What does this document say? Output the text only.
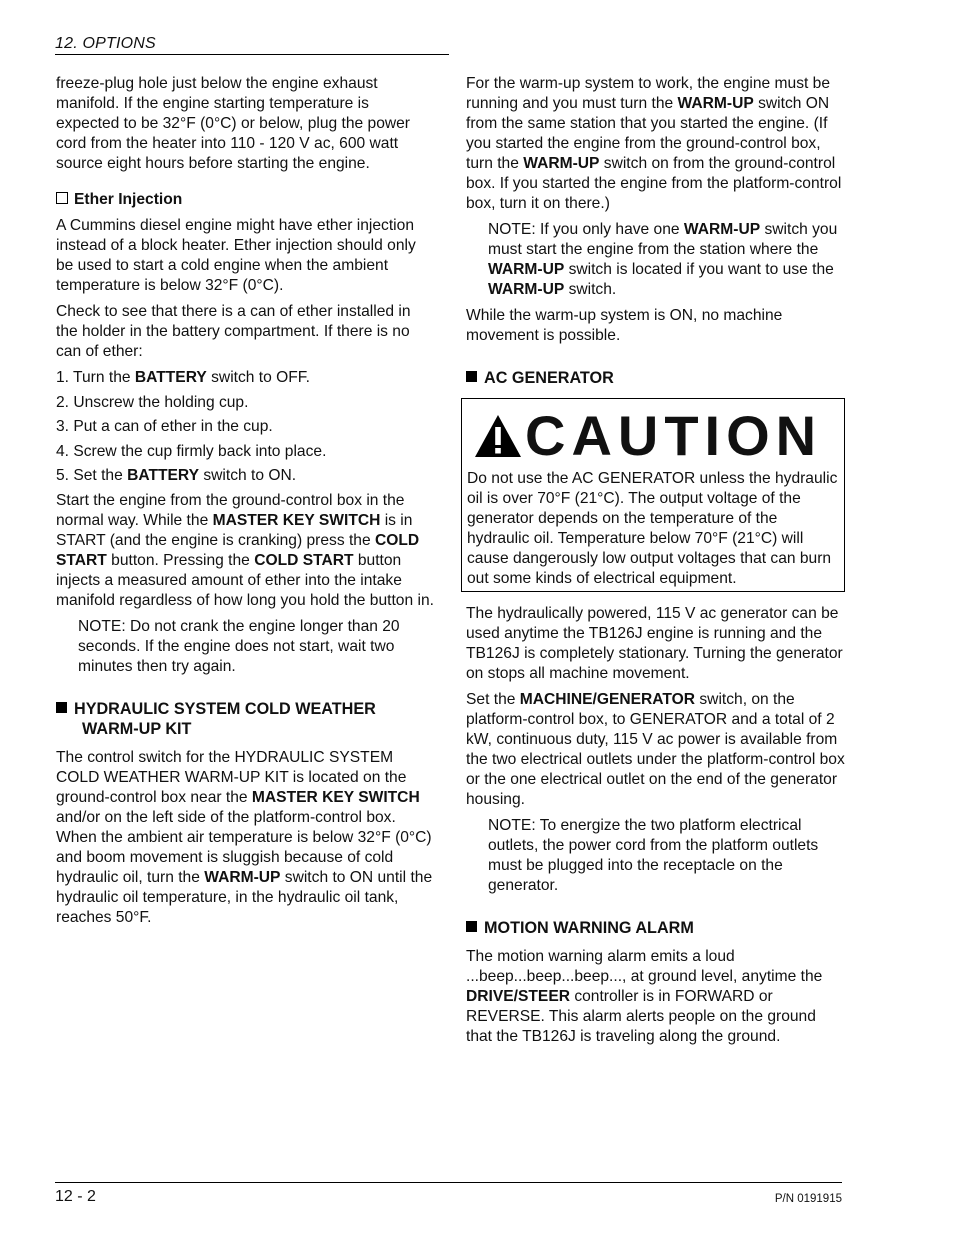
12. OPTIONS

freeze-plug hole just below the engine exhaust manifold. If the engine starting temperature is expected to be 32°F (0°C) or below, plug the power cord from the heater into 110 - 120 V ac, 600 watt source eight hours before starting the engine.

Ether Injection

A Cummins diesel engine might have ether injection instead of a block heater. Ether injection should only be used to start a cold engine when the ambient temperature is below 32°F (0°C).

Check to see that there is a can of ether installed in the holder in the battery compartment. If there is no can of ether:

1. Turn the BATTERY switch to OFF.
2. Unscrew the holding cup.
3. Put a can of ether in the cup.
4. Screw the cup firmly back into place.
5. Set the BATTERY switch to ON.

Start the engine from the ground-control box in the normal way. While the MASTER KEY SWITCH is in START (and the engine is cranking) press the COLD START button. Pressing the COLD START button injects a measured amount of ether into the intake manifold regardless of how long you hold the button in.

NOTE: Do not crank the engine longer than 20 seconds. If the engine does not start, wait two minutes then try again.

HYDRAULIC SYSTEM COLD WEATHER
WARM-UP KIT

The control switch for the HYDRAULIC SYSTEM COLD WEATHER WARM-UP KIT is located on the ground-control box near the MASTER KEY SWITCH and/or on the left side of the platform-control box. When the ambient air temperature is below 32°F (0°C) and boom movement is sluggish because of cold hydraulic oil, turn the WARM-UP switch to ON until the hydraulic oil temperature, in the hydraulic oil tank, reaches 50°F.

For the warm-up system to work, the engine must be running and you must turn the WARM-UP switch ON from the same station that you started the engine. (If you started the engine from the ground-control box, turn the WARM-UP switch on from the ground-control box. If you started the engine from the platform-control box, turn it on there.)

NOTE: If you only have one WARM-UP switch you must start the engine from the station where the WARM-UP switch is located if you want to use the WARM-UP switch.

While the warm-up system is ON, no machine movement is possible.

AC GENERATOR
CAUTION
Do not use the AC GENERATOR unless the hydraulic oil is over 70°F (21°C). The output voltage of the generator depends on the temperature of the hydraulic oil. Temperature below 70°F (21°C) will cause dangerously low output voltages that can burn out some kinds of electrical equipment.

The hydraulically powered, 115 V ac generator can be used anytime the TB126J engine is running and the TB126J is completely stationary. Turning the generator on stops all machine movement.

Set the MACHINE/GENERATOR switch, on the platform-control box, to GENERATOR and a total of 2 kW, continuous duty, 115 V ac power is available from the two electrical outlets under the platform-control box or the one electrical outlet on the end of the generator housing.

NOTE: To energize the two platform electrical outlets, the power cord from the platform outlets must be plugged into the receptacle on the generator.

MOTION WARNING ALARM

The motion warning alarm emits a loud ...beep...beep...beep..., at ground level, anytime the DRIVE/STEER controller is in FORWARD or REVERSE. This alarm alerts people on the ground that the TB126J is traveling along the ground.

12 - 2	P/N 0191915
